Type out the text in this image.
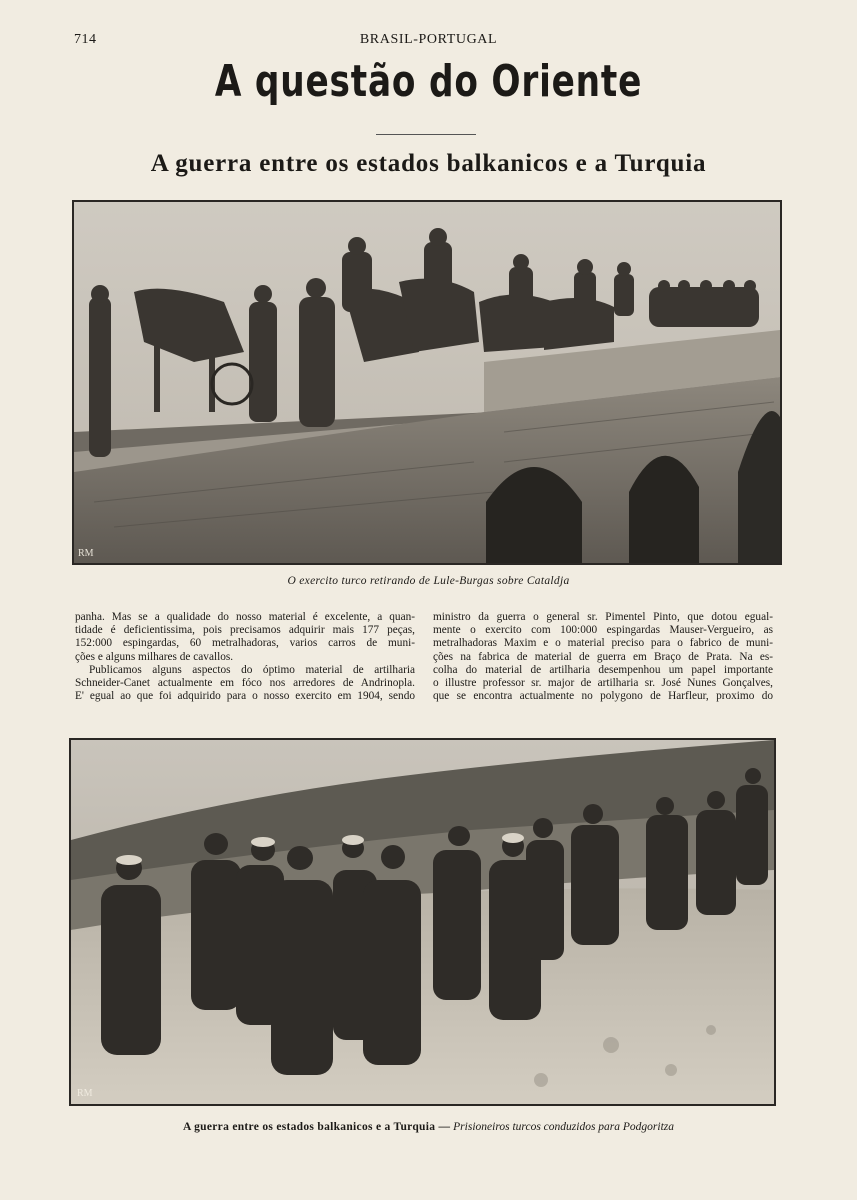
714	BRASIL-PORTUGAL
A questão do Oriente
A guerra entre os estados balkanicos e a Turquia
RM
O exercito turco retirando de Lule-Burgas sobre Cataldja
panha. Mas se a qualidade do nosso material é excelente, a quan-
tidade é deficientissima, pois precisamos adquirir mais 177 peças,
152:000 espingardas, 60 metralhadoras, varios carros de muni-
ções e alguns milhares de cavallos.
Publicamos alguns aspectos do óptimo material de artilharia
Schneider-Canet actualmente em fóco nos arredores de Andrinopla.
E' egual ao que foi adquirido para o nosso exercito em 1904, sendo
ministro da guerra o general sr. Pimentel Pinto, que dotou egual-
mente o exercito com 100:000 espingardas Mauser-Vergueiro, as
metralhadoras Maxim e o material preciso para o fabrico de muni-
ções na fabrica de material de guerra em Braço de Prata. Na es-
colha do material de artilharia desempenhou um papel importante
o illustre professor sr. major de artilharia sr. José Nunes Gonçalves,
que se encontra actualmente no polygono de Harfleur, proximo do
RM
A guerra entre os estados balkanicos e a Turquia — Prisioneiros turcos conduzidos para Podgoritza
